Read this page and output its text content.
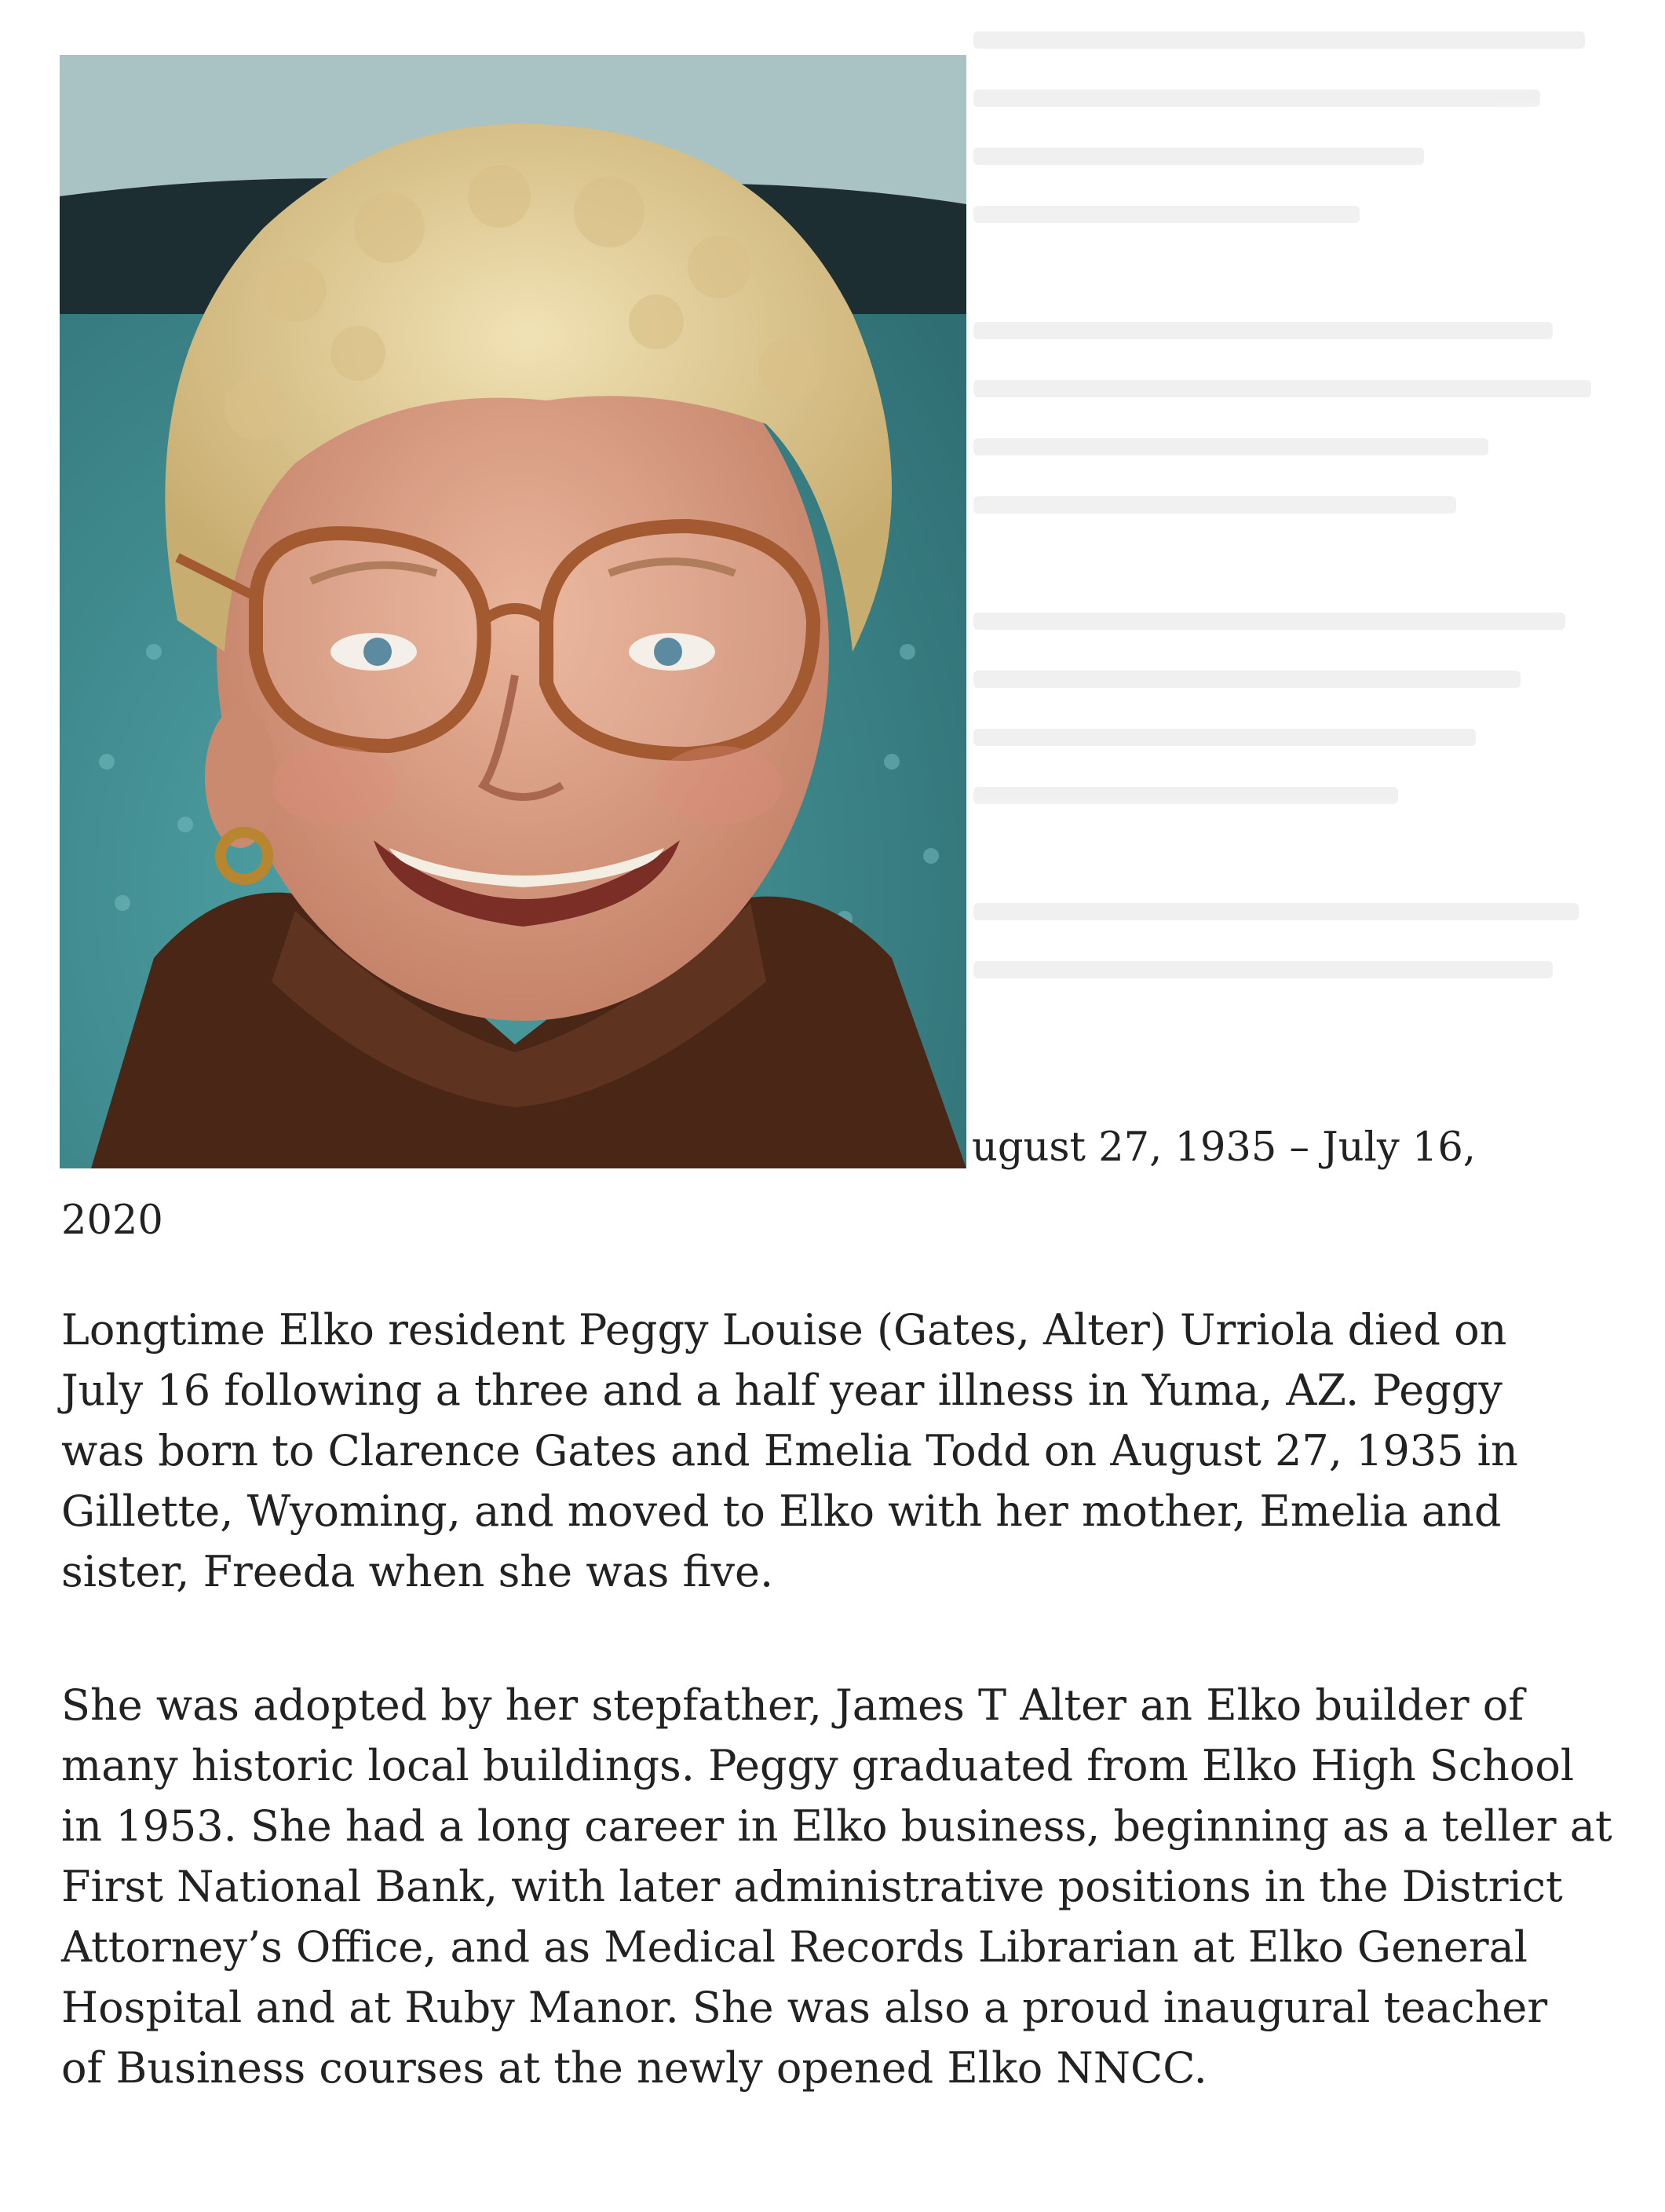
ugust 27, 1935 – July 16,
2020

Longtime Elko resident Peggy Louise (Gates, Alter) Urriola died on
July 16 following a three and a half year illness in Yuma, AZ. Peggy
was born to Clarence Gates and Emelia Todd on August 27, 1935 in
Gillette, Wyoming, and moved to Elko with her mother, Emelia and
sister, Freeda when she was five.

She was adopted by her stepfather, James T Alter an Elko builder of
many historic local buildings. Peggy graduated from Elko High School
in 1953. She had a long career in Elko business, beginning as a teller at
First National Bank, with later administrative positions in the District
Attorney’s Office, and as Medical Records Librarian at Elko General
Hospital and at Ruby Manor. She was also a proud inaugural teacher
of Business courses at the newly opened Elko NNCC.
